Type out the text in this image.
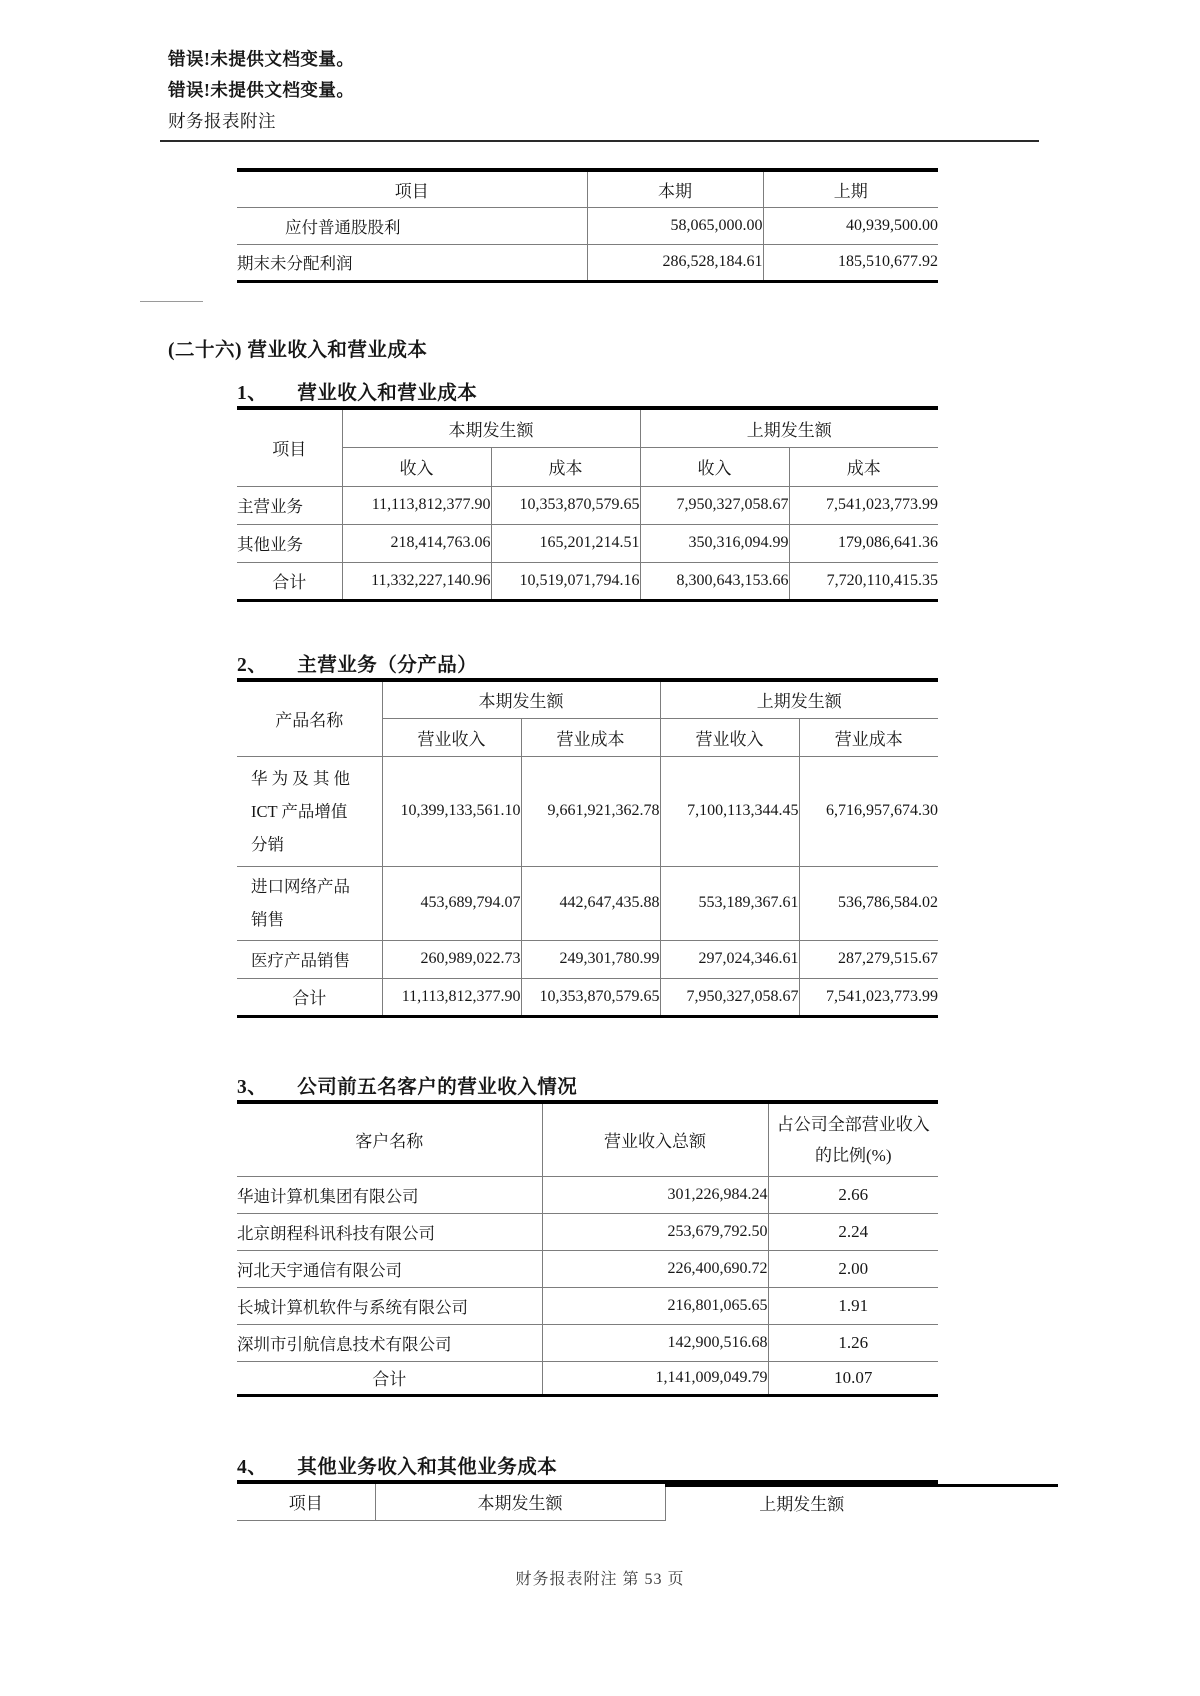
错误!未提供文档变量。
错误!未提供文档变量。
财务报表附注
项目	本期	上期
应付普通股股利	58,065,000.00	40,939,500.00
期末未分配利润	286,528,184.61	185,510,677.92
(二十六) 营业收入和营业成本
1、 营业收入和营业成本
项目	本期发生额		上期发生额	
	收入	成本	收入	成本
主营业务	11,113,812,377.90	10,353,870,579.65	7,950,327,058.67	7,541,023,773.99
其他业务	218,414,763.06	165,201,214.51	350,316,094.99	179,086,641.36
合计	11,332,227,140.96	10,519,071,794.16	8,300,643,153.66	7,720,110,415.35
2、 主营业务（分产品）
产品名称	本期发生额		上期发生额	
	营业收入	营业成本	营业收入	营业成本

华 为 及 其 他
ICT 产品增值
分销	10,399,133,561.10	9,661,921,362.78	7,100,113,344.45	6,716,957,674.30

进口网络产品
销售	453,689,794.07	442,647,435.88	553,189,367.61	536,786,584.02
医疗产品销售	260,989,022.73	249,301,780.99	297,024,346.61	287,279,515.67
合计	11,113,812,377.90	10,353,870,579.65	7,950,327,058.67	7,541,023,773.99
3、 公司前五名客户的营业收入情况
客户名称	营业收入总额	占公司全部营业收入
的比例(%)

华迪计算机集团有限公司	301,226,984.24	2.66
北京朗程科讯科技有限公司	253,679,792.50	2.24
河北天宇通信有限公司	226,400,690.72	2.00
长城计算机软件与系统有限公司	216,801,065.65	1.91
深圳市引航信息技术有限公司	142,900,516.68	1.26
合计	1,141,009,049.79	10.07
4、 其他业务收入和其他业务成本
项目	本期发生额	上期发生额
财务报表附注 第 53 页
